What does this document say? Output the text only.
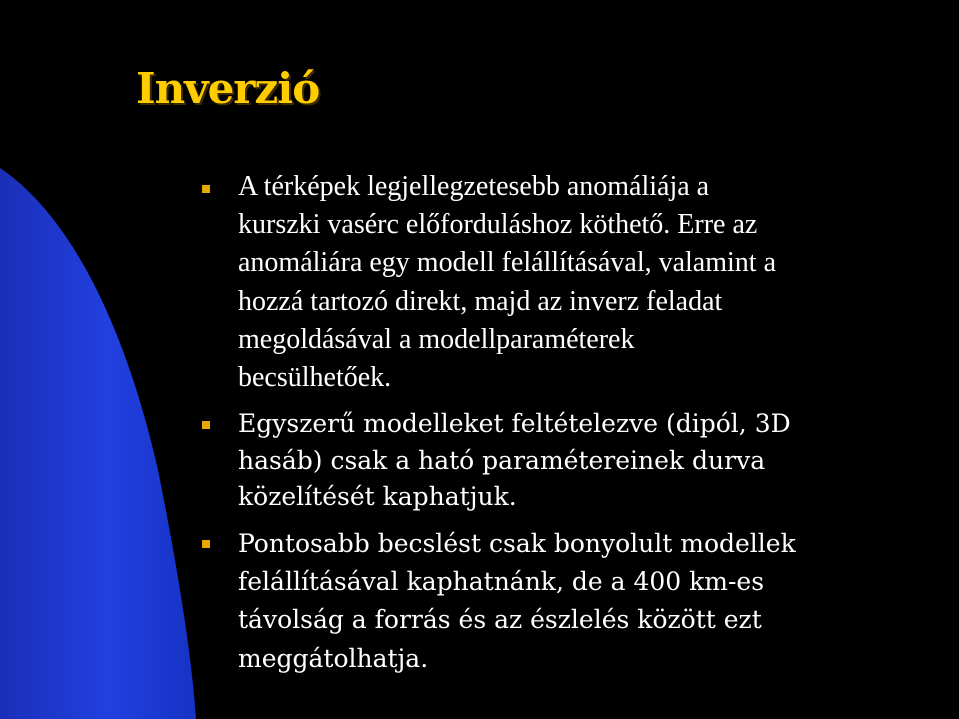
Inverzió
A térképek legjellegzetesebb anomáliája a
kurszki vasérc előforduláshoz köthető. Erre az
anomáliára egy modell felállításával, valamint a
hozzá tartozó direkt, majd az inverz feladat
megoldásával a modellparaméterek
becsülhetőek.
Egyszerű modelleket feltételezve (dipól, 3D
hasáb) csak a ható paramétereinek durva
közelítését kaphatjuk.
Pontosabb becslést csak bonyolult modellek
felállításával kaphatnánk, de a 400 km-es
távolság a forrás és az észlelés között ezt
meggátolhatja.
